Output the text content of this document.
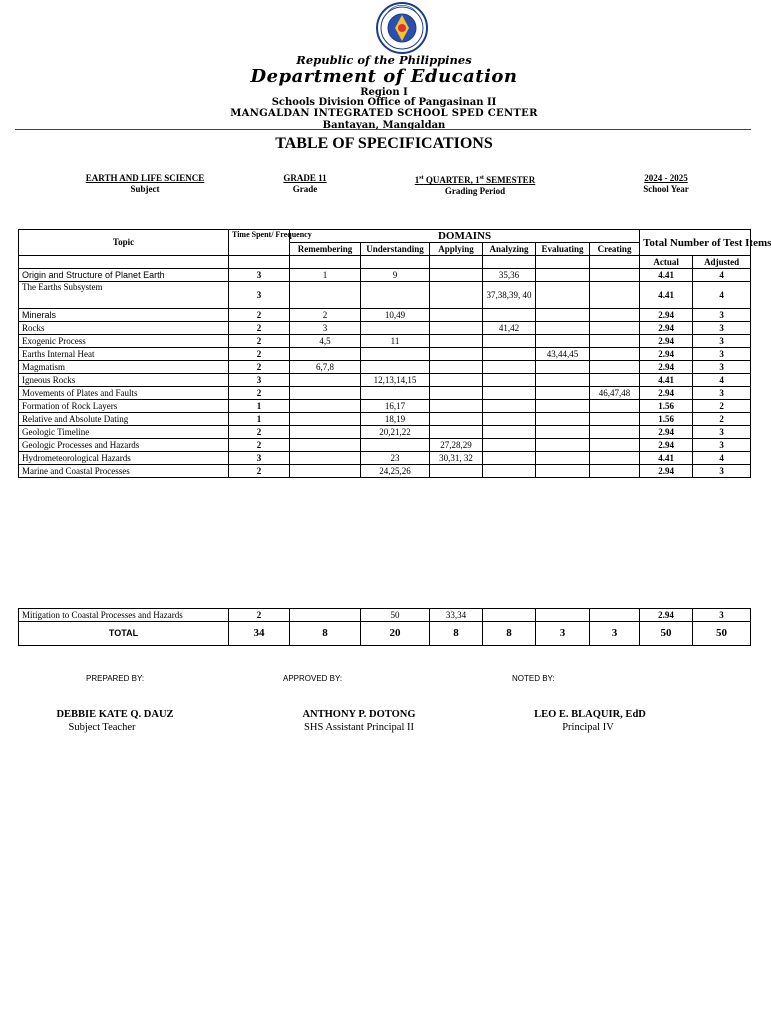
Republic of the Philippines
Department of Education
Region I
Schools Division Office of Pangasinan II
MANGALDAN INTEGRATED SCHOOL SPED CENTER
Bantayan, Mangaldan
TABLE OF SPECIFICATIONS
EARTH AND LIFE SCIENCE
Subject
GRADE 11
Grade
1st QUARTER, 1st SEMESTER
Grading Period
2024 - 2025
School Year
Topic	Time Spent/ Frequency	DOMAINS						Total Number of Test Items	
		Remembering	Understanding	Applying	Analyzing	Evaluating	Creating		
								Actual	Adjusted
Origin and Structure of Planet Earth	3	1	9		35,36			4.41	4
The Earths Subsystem	3				37,38,39, 40			4.41	4
Minerals	2	2	10,49					2.94	3
Rocks	2	3			41,42			2.94	3
Exogenic Process	2	4,5	11					2.94	3
Earths Internal Heat	2					43,44,45		2.94	3
Magmatism	2	6,7,8						2.94	3
Igneous Rocks	3		12,13,14,15					4.41	4
Movements of Plates and Faults	2						46,47,48	2.94	3
Formation of Rock Layers	1		16,17					1.56	2
Relative and Absolute Dating	1		18,19					1.56	2
Geologic Timeline	2		20,21,22					2.94	3
Geologic Processes and Hazards	2			27,28,29				2.94	3
Hydrometeorological Hazards	3		23	30,31, 32				4.41	4
Marine and Coastal Processes	2		24,25,26					2.94	3
Mitigation to Coastal Processes and Hazards	2		50	33,34				2.94	3
TOTAL	34	8	20	8	8	3	3	50	50
PREPARED BY:	APPROVED BY:	NOTED BY:
DEBBIE KATE Q. DAUZ
Subject Teacher
ANTHONY P. DOTONG
SHS Assistant Principal II
LEO E. BLAQUIR, EdD
Principal IV
